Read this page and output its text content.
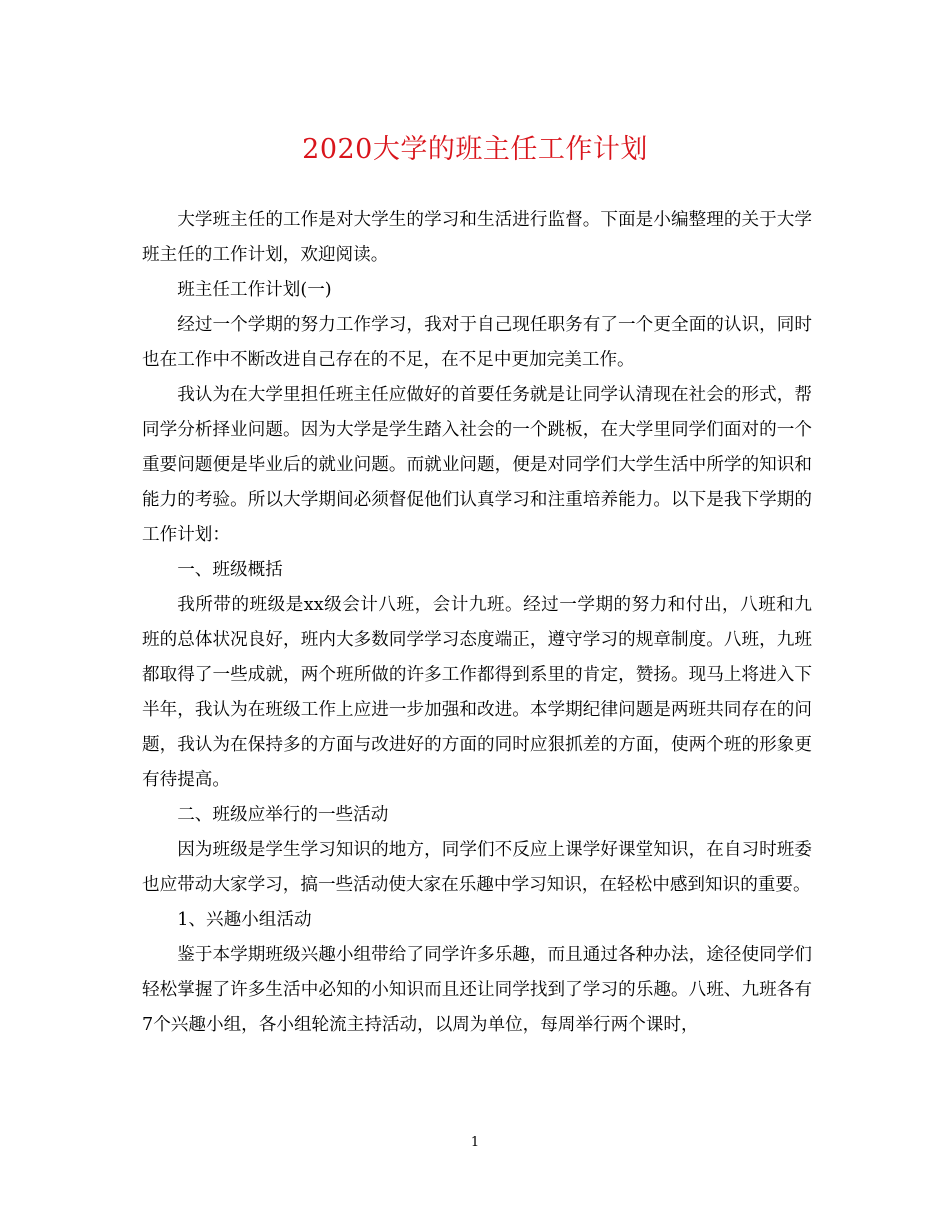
2020大学的班主任工作计划

大学班主任的工作是对大学生的学习和生活进行监督。下面是小编整理的关于大学班主任的工作计划，欢迎阅读。

班主任工作计划(一)

经过一个学期的努力工作学习，我对于自己现任职务有了一个更全面的认识，同时也在工作中不断改进自己存在的不足，在不足中更加完美工作。

我认为在大学里担任班主任应做好的首要任务就是让同学认清现在社会的形式，帮同学分析择业问题。因为大学是学生踏入社会的一个跳板，在大学里同学们面对的一个重要问题便是毕业后的就业问题。而就业问题，便是对同学们大学生活中所学的知识和能力的考验。所以大学期间必须督促他们认真学习和注重培养能力。以下是我下学期的工作计划：

一、班级概括

我所带的班级是xx级会计八班，会计九班。经过一学期的努力和付出，八班和九班的总体状况良好，班内大多数同学学习态度端正，遵守学习的规章制度。八班，九班都取得了一些成就，两个班所做的许多工作都得到系里的肯定，赞扬。现马上将进入下半年，我认为在班级工作上应进一步加强和改进。本学期纪律问题是两班共同存在的问题，我认为在保持多的方面与改进好的方面的同时应狠抓差的方面，使两个班的形象更有待提高。

二、班级应举行的一些活动

因为班级是学生学习知识的地方，同学们不反应上课学好课堂知识，在自习时班委也应带动大家学习，搞一些活动使大家在乐趣中学习知识，在轻松中感到知识的重要。

1、兴趣小组活动

鉴于本学期班级兴趣小组带给了同学许多乐趣，而且通过各种办法，途径使同学们轻松掌握了许多生活中必知的小知识而且还让同学找到了学习的乐趣。八班、九班各有7个兴趣小组，各小组轮流主持活动，以周为单位，每周举行两个课时，

1
